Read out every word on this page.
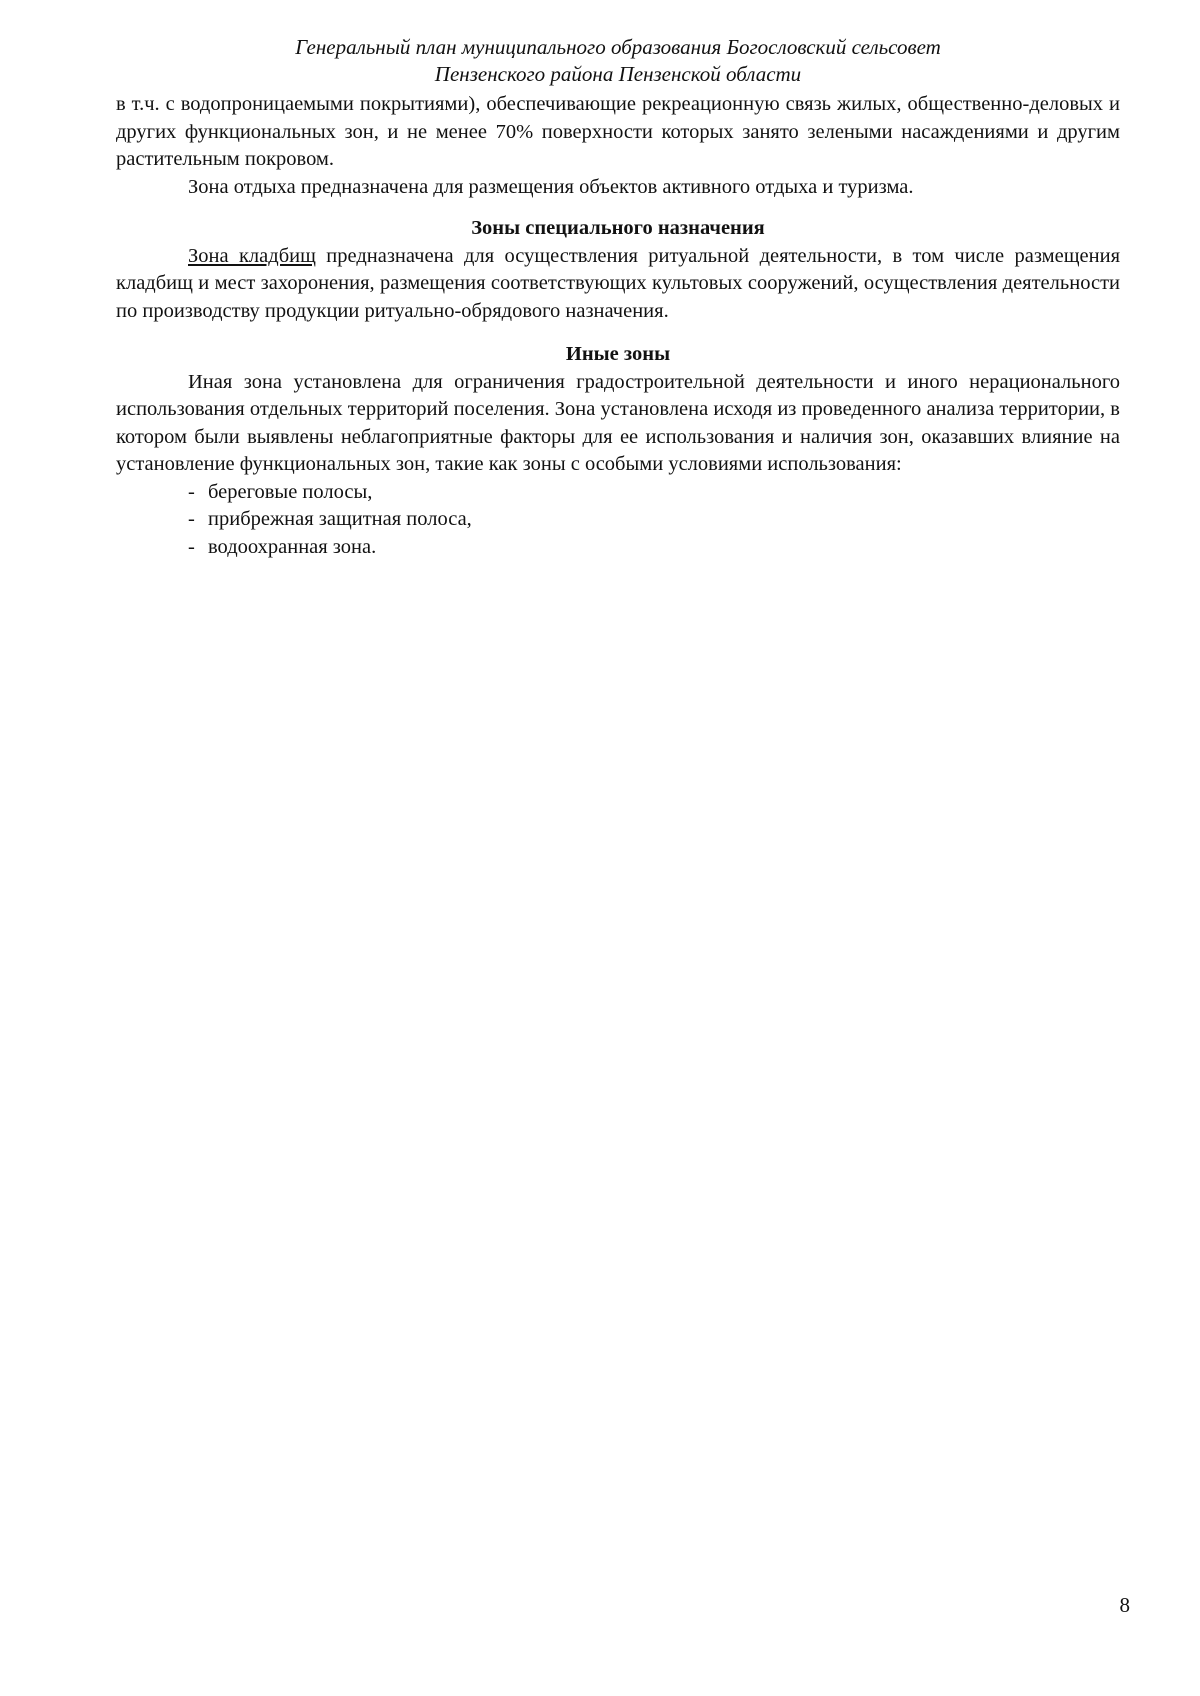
Генеральный план муниципального образования Богословский сельсовет
Пензенского района Пензенской области

в т.ч. с водопроницаемыми покрытиями), обеспечивающие рекреационную связь жилых, общественно-деловых и других функциональных зон, и не менее 70% поверхности которых занято зелеными насаждениями и другим растительным покровом.

Зона отдыха предназначена для размещения объектов активного отдыха и туризма.

Зоны специального назначения

Зона кладбищ предназначена для осуществления ритуальной деятельности, в том числе размещения кладбищ и мест захоронения, размещения соответствующих культовых сооружений, осуществления деятельности по производству продукции ритуально-обрядового назначения.

Иные зоны

Иная зона установлена для ограничения градостроительной деятельности и иного нерационального использования отдельных территорий поселения. Зона установлена исходя из проведенного анализа территории, в котором были выявлены неблагоприятные факторы для ее использования и наличия зон, оказавших влияние на установление функциональных зон, такие как зоны с особыми условиями использования:

- береговые полосы,
- прибрежная защитная полоса,
- водоохранная зона.
8
